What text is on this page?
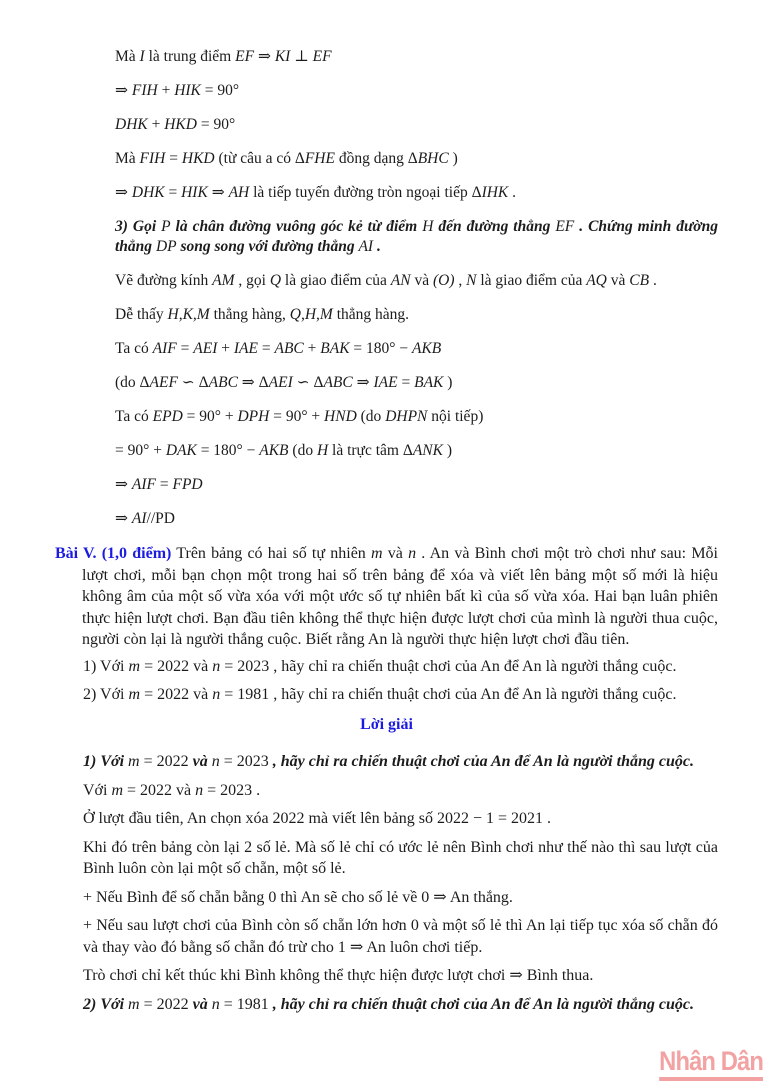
Mà I là trung điểm EF ⇒ KI ⊥ EF
⇒ FIH + HIK = 90°
DHK + HKD = 90°
Mà FIH = HKD (từ câu a có ΔFHE đồng dạng ΔBHC )
⇒ DHK = HIK ⇒ AH là tiếp tuyến đường tròn ngoại tiếp ΔIHK .
3) Gọi P là chân đường vuông góc kẻ từ điểm H đến đường thẳng EF . Chứng minh đường thẳng DP song song với đường thẳng AI .
Vẽ đường kính AM , gọi Q là giao điểm của AN và (O) , N là giao điểm của AQ và CB .
Dễ thấy H,K,M thẳng hàng, Q,H,M thẳng hàng.
Ta có AIF = AEI + IAE = ABC + BAK = 180° − AKB
(do ΔAEF ∽ ΔABC ⇒ ΔAEI ∽ ΔABC ⇒ IAE = BAK )
Ta có EPD = 90° + DPH = 90° + HND (do DHPN nội tiếp)
= 90° + DAK = 180° − AKB (do H là trực tâm ΔANK )
⇒ AIF = FPD
⇒ AI//PD
Bài V. (1,0 điểm) Trên bảng có hai số tự nhiên m và n . An và Bình chơi một trò chơi như sau: Mỗi lượt chơi, mỗi bạn chọn một trong hai số trên bảng để xóa và viết lên bảng một số mới là hiệu không âm của một số vừa xóa với một ước số tự nhiên bất kì của số vừa xóa. Hai bạn luân phiên thực hiện lượt chơi. Bạn đầu tiên không thể thực hiện được lượt chơi của mình là người thua cuộc, người còn lại là người thắng cuộc. Biết rằng An là người thực hiện lượt chơi đầu tiên.
1) Với m = 2022 và n = 2023 , hãy chỉ ra chiến thuật chơi của An để An là người thắng cuộc.
2) Với m = 2022 và n = 1981 , hãy chỉ ra chiến thuật chơi của An để An là người thắng cuộc.
Lời giải
1) Với m = 2022 và n = 2023 , hãy chỉ ra chiến thuật chơi của An để An là người thắng cuộc.
Với m = 2022 và n = 2023 .
Ở lượt đầu tiên, An chọn xóa 2022 mà viết lên bảng số 2022 − 1 = 2021 .
Khi đó trên bảng còn lại 2 số lẻ. Mà số lẻ chỉ có ước lẻ nên Bình chơi như thế nào thì sau lượt của Bình luôn còn lại một số chẵn, một số lẻ.
+ Nếu Bình để số chẵn bằng 0 thì An sẽ cho số lẻ về 0 ⇒ An thắng.
+ Nếu sau lượt chơi của Bình còn số chẵn lớn hơn 0 và một số lẻ thì An lại tiếp tục xóa số chẵn đó và thay vào đó bằng số chẵn đó trừ cho 1 ⇒ An luôn chơi tiếp.
Trò chơi chỉ kết thúc khi Bình không thể thực hiện được lượt chơi ⇒ Bình thua.
2) Với m = 2022 và n = 1981 , hãy chỉ ra chiến thuật chơi của An để An là người thắng cuộc.
Nhân Dân
